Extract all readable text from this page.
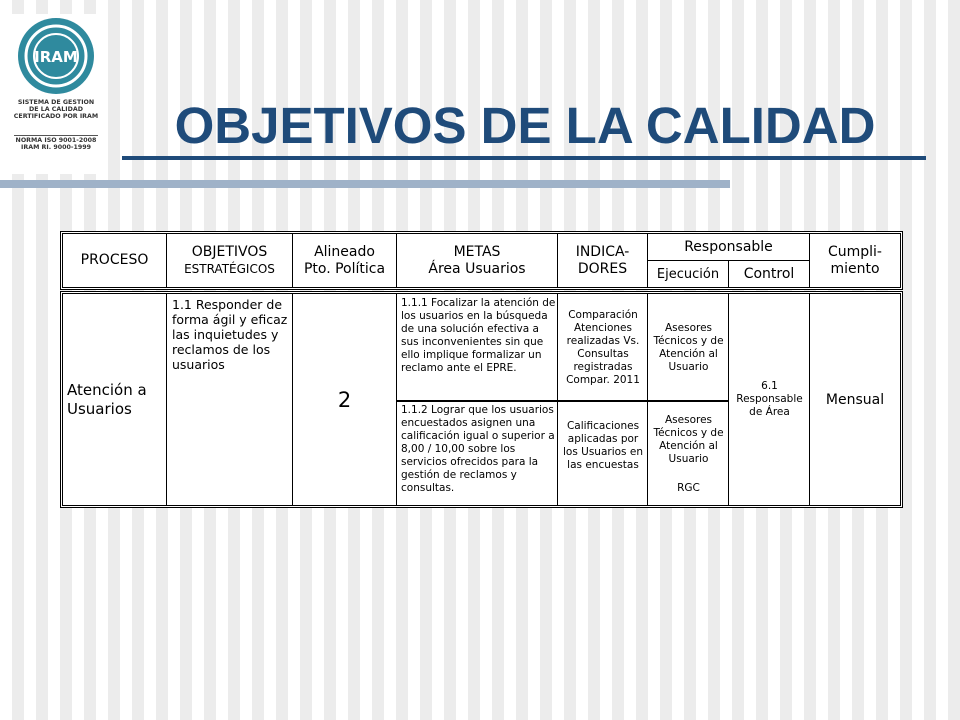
IRAM
SISTEMA DE GESTION
DE LA CALIDAD
CERTIFICADO POR IRAM
NORMA ISO 9001-2008
IRAM RI. 9000-1999	OBJETIVOS DE LA CALIDAD
PROCESO
OBJETIVOS
ESTRATÉGICOS
Alineado
Pto. Política
METAS
Área Usuarios
INDICA-
DORES
Responsable
Ejecución Control
Cumpli-
miento
Atención a Usuarios
1.1 Responder de forma ágil y eficaz las inquietudes y reclamos de los usuarios
2
1.1.1 Focalizar la atención de los usuarios en la búsqueda de una solución efectiva a sus inconvenientes sin que ello implique formalizar un reclamo ante el EPRE.
1.1.2 Lograr que los usuarios encuestados asignen una calificación igual o superior a 8,00 / 10,00 sobre los servicios ofrecidos para la gestión de reclamos y consultas.
Comparación Atenciones realizadas Vs. Consultas registradas Compar. 2011
Calificaciones aplicadas por los Usuarios en las encuestas
Asesores Técnicos y de Atención al Usuario
Asesores Técnicos y de Atención al Usuario
RGC
6.1 Responsable de Área
Mensual
